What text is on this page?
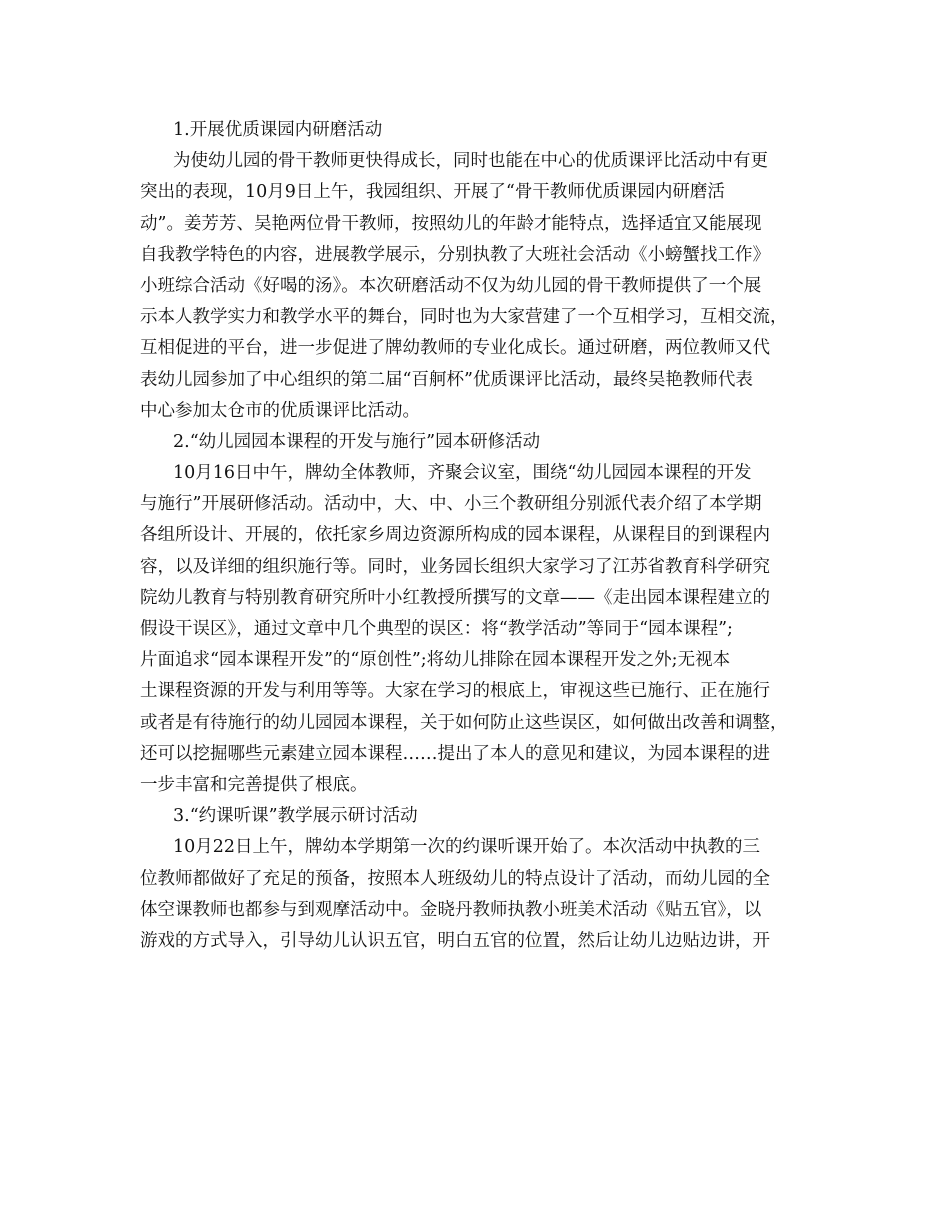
1.开展优质课园内研磨活动
为使幼儿园的骨干教师更快得成长，同时也能在中心的优质课评比活动中有更
突出的表现，10月9日上午，我园组织、开展了“骨干教师优质课园内研磨活
动”。姜芳芳、吴艳两位骨干教师，按照幼儿的年龄才能特点，选择适宜又能展现
自我教学特色的内容，进展教学展示，分别执教了大班社会活动《小螃蟹找工作》
小班综合活动《好喝的汤》。本次研磨活动不仅为幼儿园的骨干教师提供了一个展
示本人教学实力和教学水平的舞台，同时也为大家营建了一个互相学习，互相交流，
互相促进的平台，进一步促进了牌幼教师的专业化成长。通过研磨，两位教师又代
表幼儿园参加了中心组织的第二届“百舸杯”优质课评比活动，最终吴艳教师代表
中心参加太仓市的优质课评比活动。
2.“幼儿园园本课程的开发与施行”园本研修活动
10月16日中午，牌幼全体教师，齐聚会议室，围绕“幼儿园园本课程的开发
与施行”开展研修活动。活动中，大、中、小三个教研组分别派代表介绍了本学期
各组所设计、开展的，依托家乡周边资源所构成的园本课程，从课程目的到课程内
容，以及详细的组织施行等。同时，业务园长组织大家学习了江苏省教育科学研究
院幼儿教育与特别教育研究所叶小红教授所撰写的文章——《走出园本课程建立的
假设干误区》，通过文章中几个典型的误区：将“教学活动”等同于“园本课程”;
片面追求“园本课程开发”的“原创性”;将幼儿排除在园本课程开发之外;无视本
土课程资源的开发与利用等等。大家在学习的根底上，审视这些已施行、正在施行
或者是有待施行的幼儿园园本课程，关于如何防止这些误区，如何做出改善和调整，
还可以挖掘哪些元素建立园本课程……提出了本人的意见和建议，为园本课程的进
一步丰富和完善提供了根底。
3.“约课听课”教学展示研讨活动
10月22日上午，牌幼本学期第一次的约课听课开始了。本次活动中执教的三
位教师都做好了充足的预备，按照本人班级幼儿的特点设计了活动，而幼儿园的全
体空课教师也都参与到观摩活动中。金晓丹教师执教小班美术活动《贴五官》，以
游戏的方式导入，引导幼儿认识五官，明白五官的位置，然后让幼儿边贴边讲，开
